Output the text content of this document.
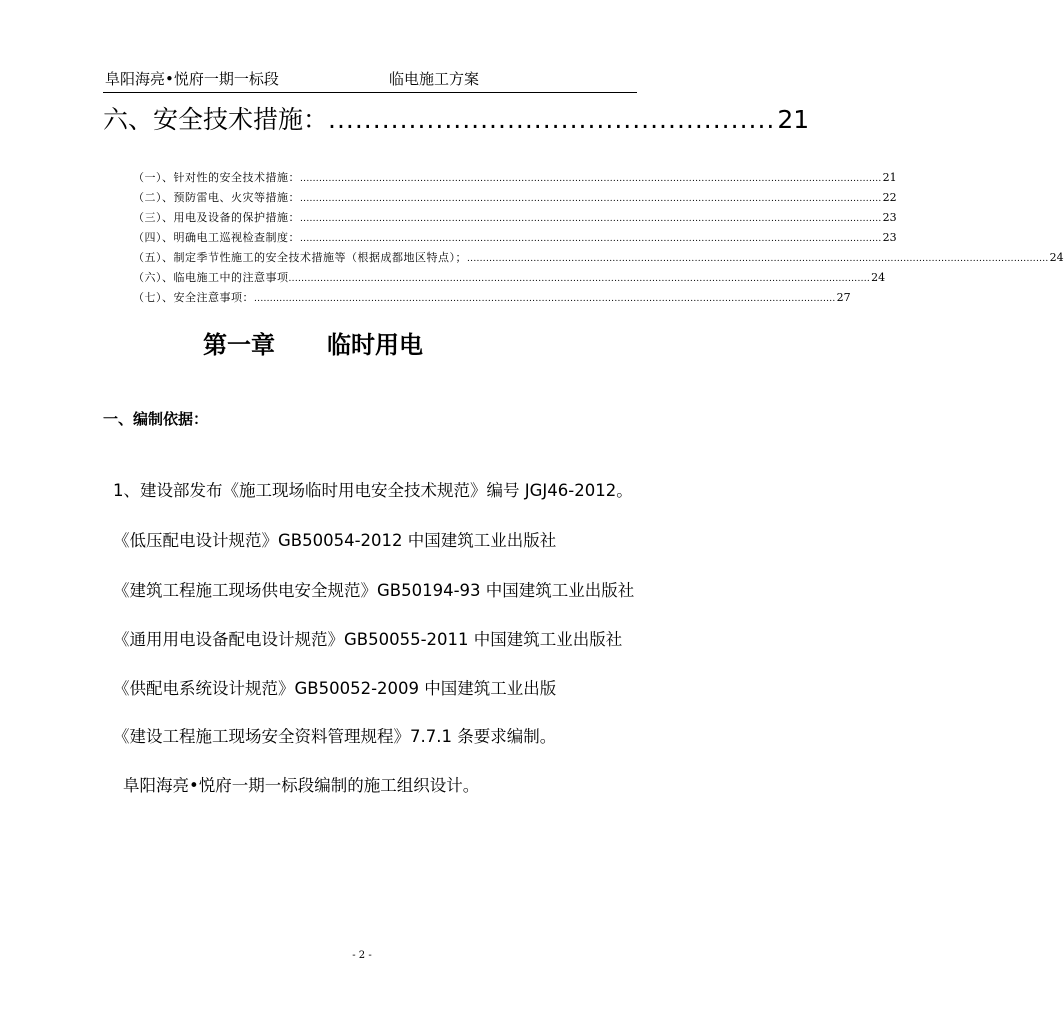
阜阳海亮•悦府一期一标段	临电施工方案
六、安全技术措施： .................................................. 21
（一）、针对性的安全技术措施： ........................................................................................................................................................................................ 21
（二）、预防雷电、火灾等措施： ........................................................................................................................................................................................ 22
（三）、用电及设备的保护措施： ........................................................................................................................................................................................ 23
（四）、明确电工巡视检查制度： ........................................................................................................................................................................................ 23
（五）、制定季节性施工的安全技术措施等（根据成都地区特点）； ........................................................................................................................................................................................ 24
（六）、临电施工中的注意事项 ........................................................................................................................................................................................ 24
（七）、安全注意事项： ........................................................................................................................................................................................ 27
第一章 临时用电
一、编制依据：
1、建设部发布《施工现场临时用电安全技术规范》编号 JGJ46-2012。
《低压配电设计规范》GB50054-2012 中国建筑工业出版社
《建筑工程施工现场供电安全规范》GB50194-93 中国建筑工业出版社
《通用用电设备配电设计规范》GB50055-2011 中国建筑工业出版社
《供配电系统设计规范》GB50052-2009 中国建筑工业出版
《建设工程施工现场安全资料管理规程》7.7.1 条要求编制。
阜阳海亮•悦府一期一标段编制的施工组织设计。
- 2 -
